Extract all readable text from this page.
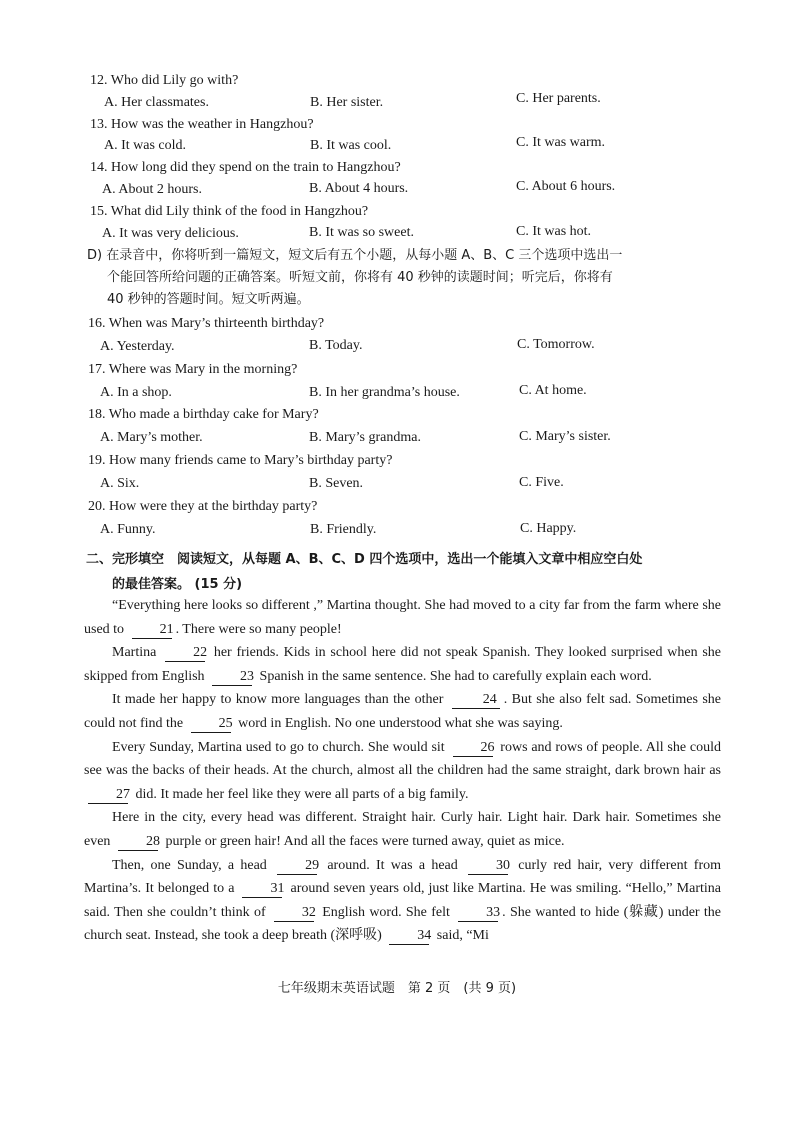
12. Who did Lily go with?
A. Her classmates.	B. Her sister.	C. Her parents.
13. How was the weather in Hangzhou?
A. It was cold.	B. It was cool.	C. It was warm.
14. How long did they spend on the train to Hangzhou?
A. About 2 hours.	B. About 4 hours.	C. About 6 hours.
15. What did Lily think of the food in Hangzhou?
A. It was very delicious.	B. It was so sweet.	C. It was hot.
D) 在录音中，你将听到一篇短文，短文后有五个小题，从每小题 A、B、C 三个选项中选出一
个能回答所给问题的正确答案。听短文前，你将有 40 秒钟的读题时间；听完后，你将有
40 秒钟的答题时间。短文听两遍。
16. When was Mary’s thirteenth birthday?
A. Yesterday.	B. Today.	C. Tomorrow.
17. Where was Mary in the morning?
A. In a shop.	B. In her grandma’s house.	C. At home.
18. Who made a birthday cake for Mary?
A. Mary’s mother.	B. Mary’s grandma.	C. Mary’s sister.
19. How many friends came to Mary’s birthday party?
A. Six.	B. Seven.	C. Five.
20. How were they at the birthday party?
A. Funny.	B. Friendly.	C. Happy.
二、完形填空　阅读短文，从每题 A、B、C、D 四个选项中，选出一个能填入文章中相应空白处
的最佳答案。 (15 分)
“Everything here looks so different ,” Martina thought. She had moved to a city far from the farm where she used to 21 . There were so many people!
Martina 22 her friends. Kids in school here did not speak Spanish. They looked surprised when she skipped from English 23 Spanish in the same sentence. She had to carefully explain each word.
It made her happy to know more languages than the other	24 . But she also felt sad. Sometimes she could not find the 25 word in English. No one understood what she was saying.
Every Sunday, Martina used to go to church. She would sit 26 rows and rows of people. All she could see was the backs of their heads. At the church, almost all the children had the same straight, dark brown hair as 27 did. It made her feel like they were all parts of a big family.
Here in the city, every head was different. Straight hair. Curly hair. Light hair. Dark hair. Sometimes she even 28 purple or green hair! And all the faces were turned away, quiet as mice.
Then, one Sunday, a head 29 around. It was a head 30 curly red hair, very different from Martina’s. It belonged to a 31 around seven years old, just like Martina. He was smiling. “Hello,” Martina said. Then she couldn’t think of 32 English word. She felt 33 . She wanted to hide (躲藏) under the church seat. Instead, she took a deep breath (深呼吸) 34 said, “Mi
七年级期末英语试题　第 2 页　(共 9 页)
